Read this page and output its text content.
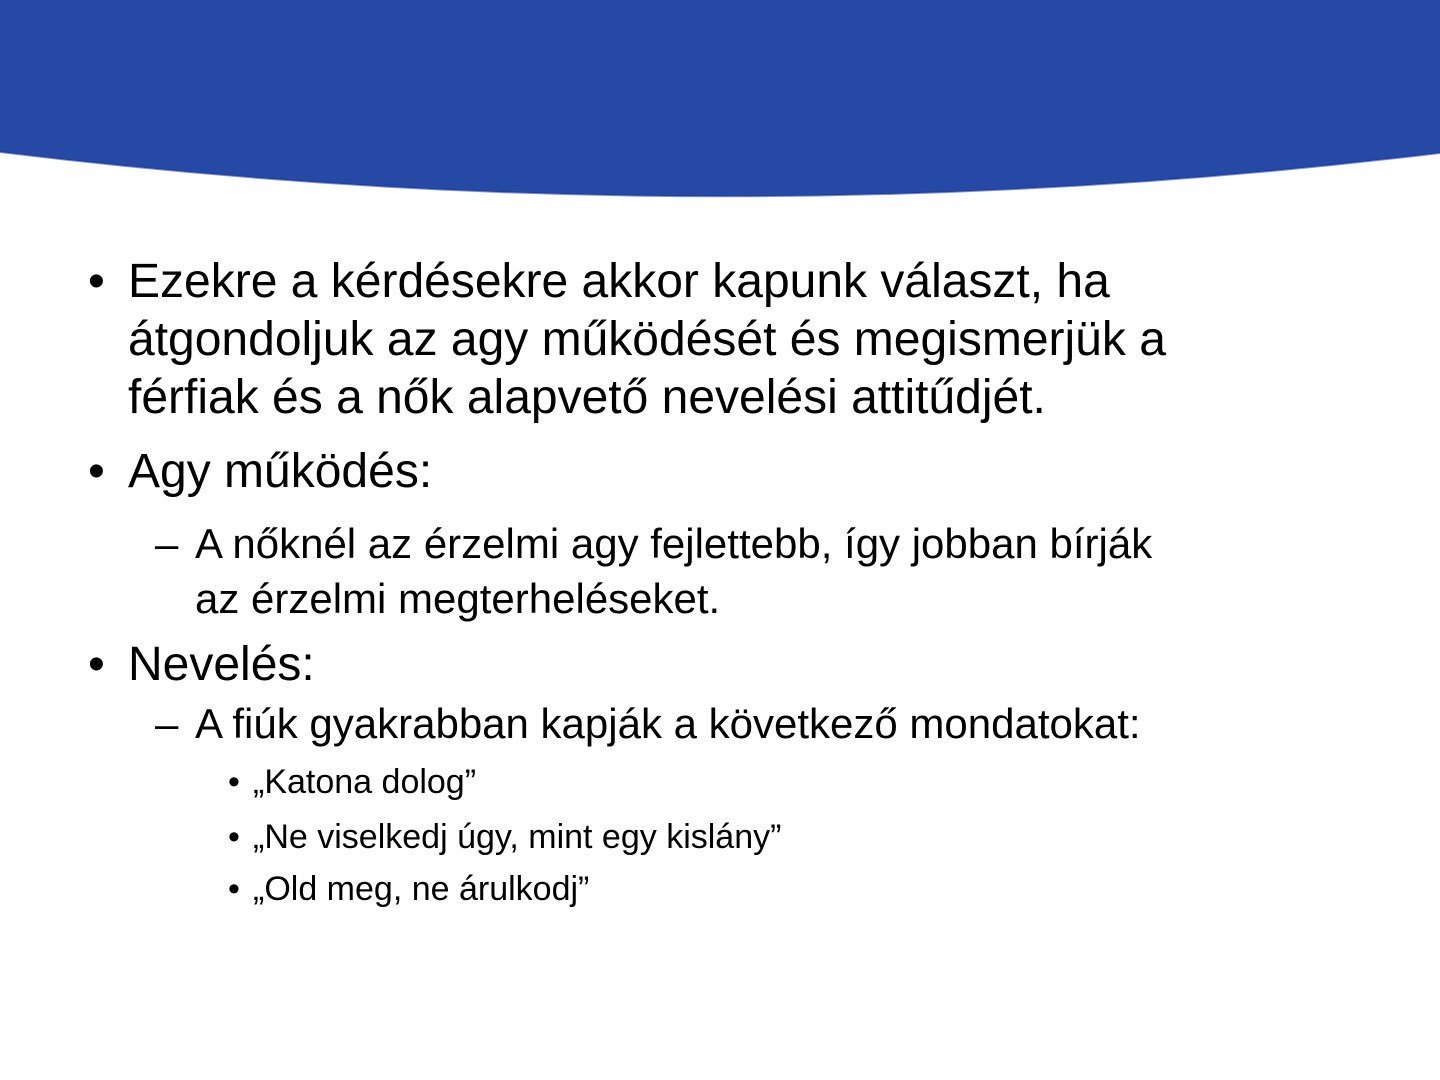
• Ezekre a kérdésekre akkor kapunk választ, ha
átgondoljuk az agy működését és megismerjük a
férfiak és a nők alapvető nevelési attitűdjét.
• Agy működés:
– A nőknél az érzelmi agy fejlettebb, így jobban bírják
az érzelmi megterheléseket.
• Nevelés:
– A fiúk gyakrabban kapják a következő mondatokat:
• „Katona dolog”
• „Ne viselkedj úgy, mint egy kislány”
• „Old meg, ne árulkodj”
